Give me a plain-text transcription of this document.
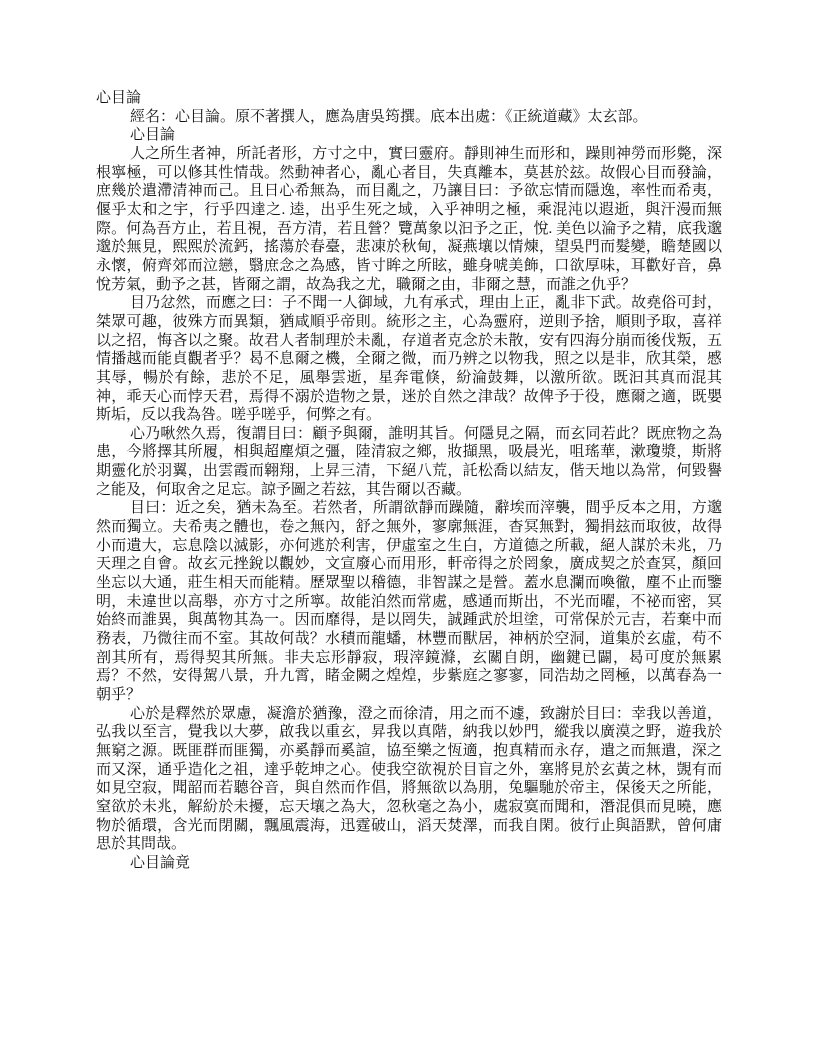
心目論

經名：心目論。原不著撰人，應為唐吳筠撰。底本出處：《正統道藏》太玄部。

心目論

人之所生者神，所託者形，方寸之中，實曰靈府。靜則神生而形和，躁則神勞而形斃，深根寧極，可以修其性情哉。然動神者心，亂心者目，失真離本，莫甚於玆。故假心目而發論，庶幾於遣滯清神而己。且日心希無為，而目亂之，乃讓目曰：予欲忘情而隱逸，率性而希夷，偃乎太和之宇，行乎四達之. 逵，出乎生死之域，入乎神明之極，乘混沌以遐逝，與汗漫而無際。何為吾方止，若且視，吾方清，若且營？覽萬象以汩予之正，悅. 美色以淪予之精，底我邈邈於無見，熙熙於流鈣，搖蕩於春臺，悲凍於秋甸，凝燕壤以情煉，望吳門而髮變，瞻楚國以永懷，俯齊郊而泣戀，翳庶念之為感，皆寸眸之所眩，雖身唬美飾，口欲厚味，耳歡好音，鼻悅芳氣，動予之甚，皆爾之謂，故為我之尤，職爾之由，非爾之慧，而誰之仇乎？

目乃忿然，而應之曰：子不聞一人御域，九有承式，理由上正，亂非下武。故堯俗可封，桀眾可趣，彼殊方而異類，猶咸順乎帝則。統形之主，心為靈府，逆則予捨，順則予取，喜祥以之招，悔吝以之聚。故君人者制理於未亂，存道者克念於未散，安有四海分崩而後伐叛，五情播越而能貞觀者乎？曷不息爾之機，全爾之微，而乃辨之以物我，照之以是非，欣其榮，慼其辱，暢於有餘，悲於不足，風舉雲逝，星奔電倏，紛淪鼓舞，以激所欲。既汩其真而混其神，乖天心而悖天君，焉得不溺於造物之景，迷於自然之津哉？故俾予于役，應爾之適，既嬰斯垢，反以我為咎。嗟乎嗟乎，何弊之有。

心乃啾然久焉，復謂目曰：顧予與爾，誰明其旨。何隱見之隔，而玄同若此？既庶物之為患，今將擇其所履，相與超塵煩之彊，陸清寂之鄉，妝擷黑，吸晨光，咀瑤華，漱瓊漿，斯將期靈化於羽翼，出雲霞而翱翔，上昇三清，下絕八荒，託松喬以結友，偕天地以為常，何毀譽之能及，何取舍之足忘。諒予圖之若玆，其告爾以否藏。

目曰：近之矣，猶未為至。若然者，所謂欲靜而躁隨，辭埃而滓襲，間乎反本之用，方邈然而獨立。夫希夷之體也，卷之無內，舒之無外，寥廓無涯，杳冥無對，獨捐玆而取彼，故得小而遺大，忘息陰以滅影，亦何逃於利害，伊虛室之生白，方道德之所載，絕人謀於未兆，乃天理之自會。故玄元挫銳以觀妙，文宣廢心而用形，軒帝得之於罔象，廣成契之於查冥，顏回坐忘以大通，莊生相天而能精。歷眾聖以稽德，非智謀之是營。蓋水息瀾而喚徹，塵不止而鑒明，未違世以高舉，亦方寸之所寧。故能泊然而常處，感通而斯出，不光而曜，不祕而密，冥始終而誰異，與萬物其為一。因而靡得，是以罔失，誠踵武於坦塗，可常保於元吉，若棄中而務表，乃微往而不室。其故何哉？水積而龍蟠，林豐而獸居，神柄於空洞，道集於玄虛，苟不剖其所有，焉得契其所無。非夫忘形靜寂，瑕滓鏡滌，玄關自朗，幽鍵已闢，曷可度於無累焉？不然，安得駕八景，升九霄，睹金闕之煌煌，步紫庭之寥寥，同浩劫之罔極，以萬春為一朝乎？

心於是釋然於眾慮，凝澹於猶豫，澄之而徐清，用之而不遽，致謝於目曰：幸我以善道，弘我以至言，覺我以大夢，啟我以重玄，昇我以真階，納我以妙門，縱我以廣漠之野，遊我於無窮之源。既匪群而匪獨，亦奚靜而奚諠，協至樂之恆適，抱真精而永存，遣之而無遣，深之而又深，通乎造化之祖，達乎乾坤之心。使我空欲視於目盲之外，塞將見於玄黃之林，覬有而如見空寂，聞韶而若聽谷音，與自然而作倡，將無欲以為朋，兔驅馳於帝主，保後天之所能，窒欲於未兆，解紛於未擾，忘天壤之為大，忽秋毫之為小，處寂寞而聞和，潛混俱而見曉，應物於循環，含光而閉關，飄風震海，迅霆破山，滔天焚澤，而我自閑。彼行止與語默，曾何庸思於其問哉。

心目論竟
